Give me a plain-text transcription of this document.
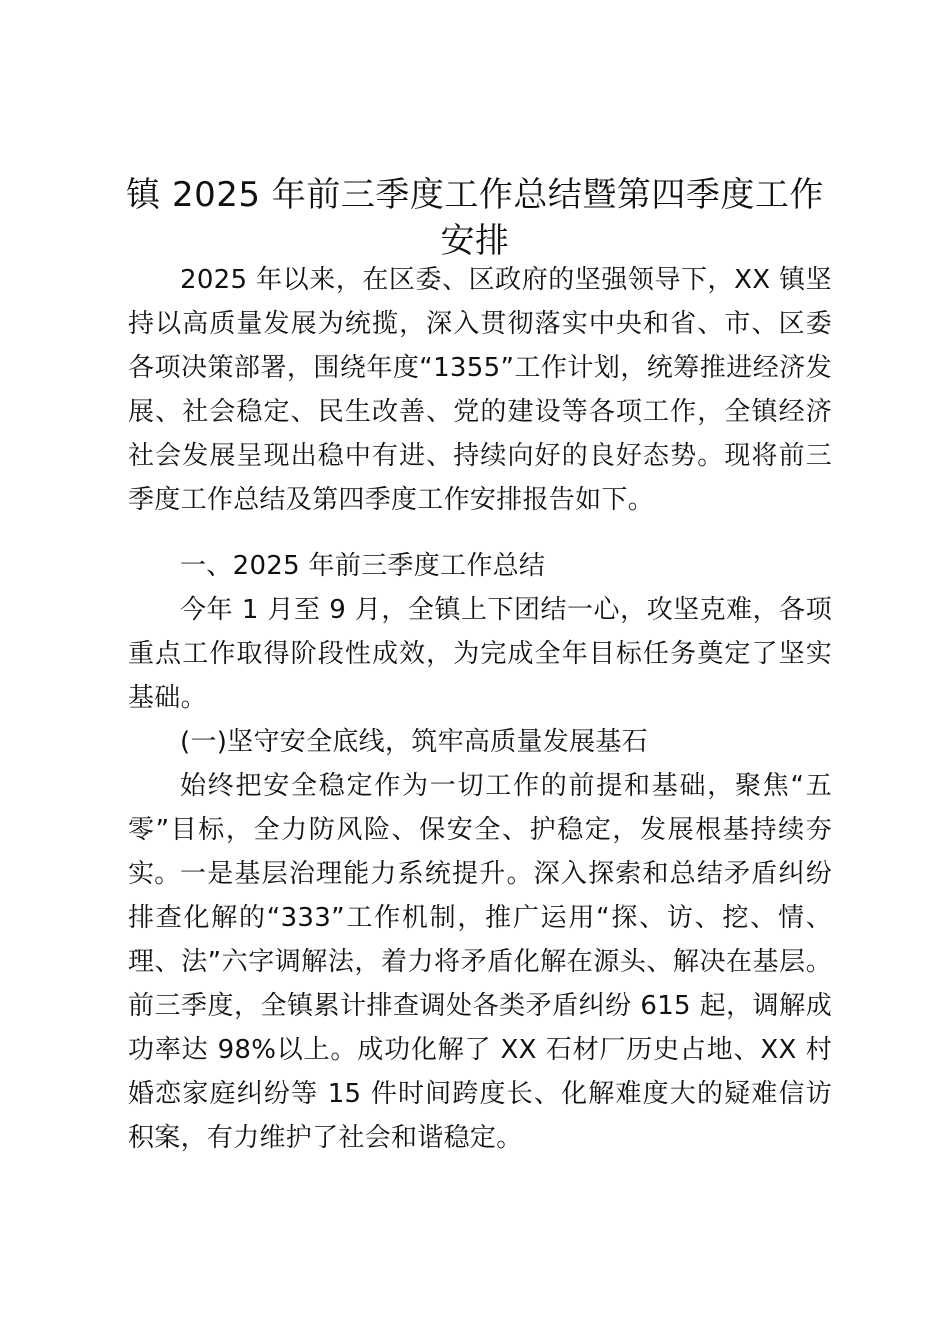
镇 2025 年前三季度工作总结暨第四季度工作安排

2025 年以来，在区委、区政府的坚强领导下，XX 镇坚持以高质量发展为统揽，深入贯彻落实中央和省、市、区委各项决策部署，围绕年度“1355”工作计划，统筹推进经济发展、社会稳定、民生改善、党的建设等各项工作，全镇经济社会发展呈现出稳中有进、持续向好的良好态势。现将前三季度工作总结及第四季度工作安排报告如下。

一、2025 年前三季度工作总结

今年 1 月至 9 月，全镇上下团结一心，攻坚克难，各项重点工作取得阶段性成效，为完成全年目标任务奠定了坚实基础。

(一)坚守安全底线，筑牢高质量发展基石

始终把安全稳定作为一切工作的前提和基础，聚焦“五零”目标，全力防风险、保安全、护稳定，发展根基持续夯实。 一是基层治理能力系统提升。深入探索和总结矛盾纠纷排查化解的“333”工作机制，推广运用“探、访、挖、情、理、法”六字调解法，着力将矛盾化解在源头、解决在基层。前三季度，全镇累计排查调处各类矛盾纠纷 615 起，调解成功率达 98%以上。成功化解了 XX 石材厂历史占地、XX 村婚恋家庭纠纷等 15 件时间跨度长、化解难度大的疑难信访积案，有力维护了社会和谐稳定。
